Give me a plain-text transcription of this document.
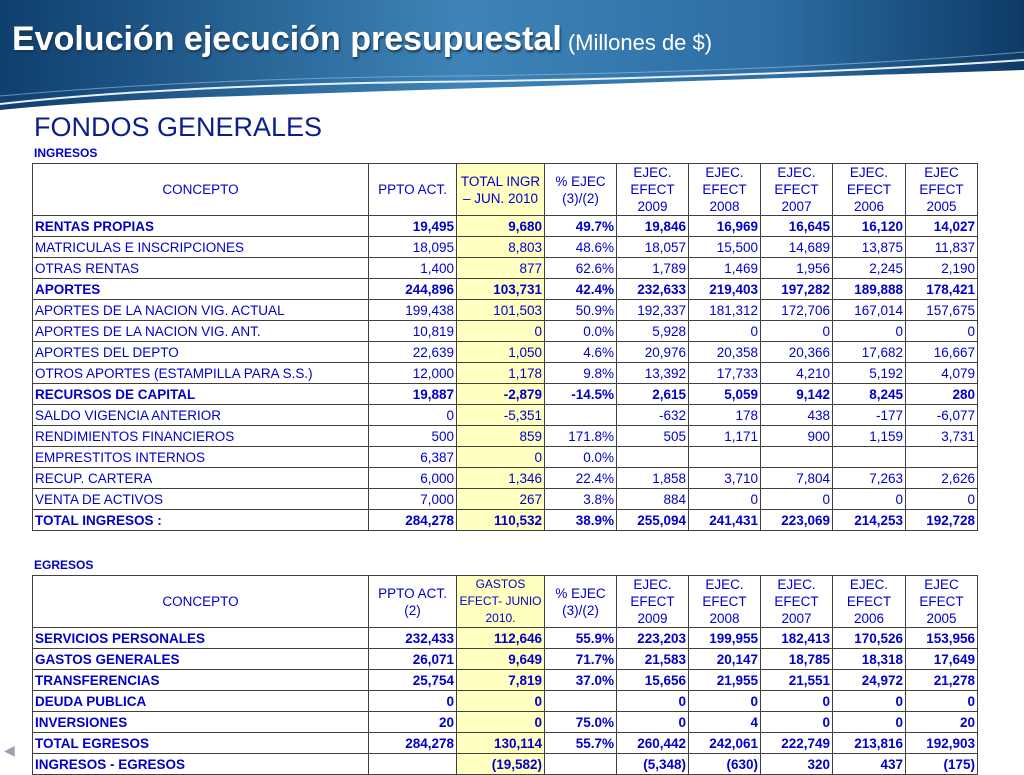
Evolución ejecución presupuestal (Millones de $)
FONDOS GENERALES
INGRESOS
CONCEPTO	PPTO ACT.	TOTAL INGR – JUN. 2010	% EJEC (3)/(2)	EJEC. EFECT 2009	EJEC. EFECT 2008	EJEC. EFECT 2007	EJEC. EFECT 2006	EJEC EFECT 2005
RENTAS PROPIAS	19,495	9,680	49.7%	19,846	16,969	16,645	16,120	14,027
MATRICULAS E INSCRIPCIONES	18,095	8,803	48.6%	18,057	15,500	14,689	13,875	11,837
OTRAS RENTAS	1,400	877	62.6%	1,789	1,469	1,956	2,245	2,190
APORTES	244,896	103,731	42.4%	232,633	219,403	197,282	189,888	178,421
APORTES DE LA NACION VIG. ACTUAL	199,438	101,503	50.9%	192,337	181,312	172,706	167,014	157,675
APORTES DE LA NACION VIG. ANT.	10,819	0	0.0%	5,928	0	0	0	0
APORTES DEL DEPTO	22,639	1,050	4.6%	20,976	20,358	20,366	17,682	16,667
OTROS APORTES (ESTAMPILLA PARA S.S.)	12,000	1,178	9.8%	13,392	17,733	4,210	5,192	4,079
RECURSOS DE CAPITAL	19,887	-2,879	-14.5%	2,615	5,059	9,142	8,245	280
SALDO VIGENCIA ANTERIOR	0	-5,351		-632	178	438	-177	-6,077
RENDIMIENTOS FINANCIEROS	500	859	171.8%	505	1,171	900	1,159	3,731
EMPRESTITOS INTERNOS	6,387	0	0.0%					
RECUP. CARTERA	6,000	1,346	22.4%	1,858	3,710	7,804	7,263	2,626
VENTA DE ACTIVOS	7,000	267	3.8%	884	0	0	0	0
TOTAL INGRESOS :	284,278	110,532	38.9%	255,094	241,431	223,069	214,253	192,728
EGRESOS
CONCEPTO	PPTO ACT. (2)	GASTOS EFECT- JUNIO 2010.	% EJEC (3)/(2)	EJEC. EFECT 2009	EJEC. EFECT 2008	EJEC. EFECT 2007	EJEC. EFECT 2006	EJEC EFECT 2005
SERVICIOS PERSONALES	232,433	112,646	55.9%	223,203	199,955	182,413	170,526	153,956
GASTOS GENERALES	26,071	9,649	71.7%	21,583	20,147	18,785	18,318	17,649
TRANSFERENCIAS	25,754	7,819	37.0%	15,656	21,955	21,551	24,972	21,278
DEUDA PUBLICA	0	0		0	0	0	0	0
INVERSIONES	20	0	75.0%	0	4	0	0	20
TOTAL EGRESOS	284,278	130,114	55.7%	260,442	242,061	222,749	213,816	192,903
INGRESOS - EGRESOS		(19,582)		(5,348)	(630)	320	437	(175)
◀
